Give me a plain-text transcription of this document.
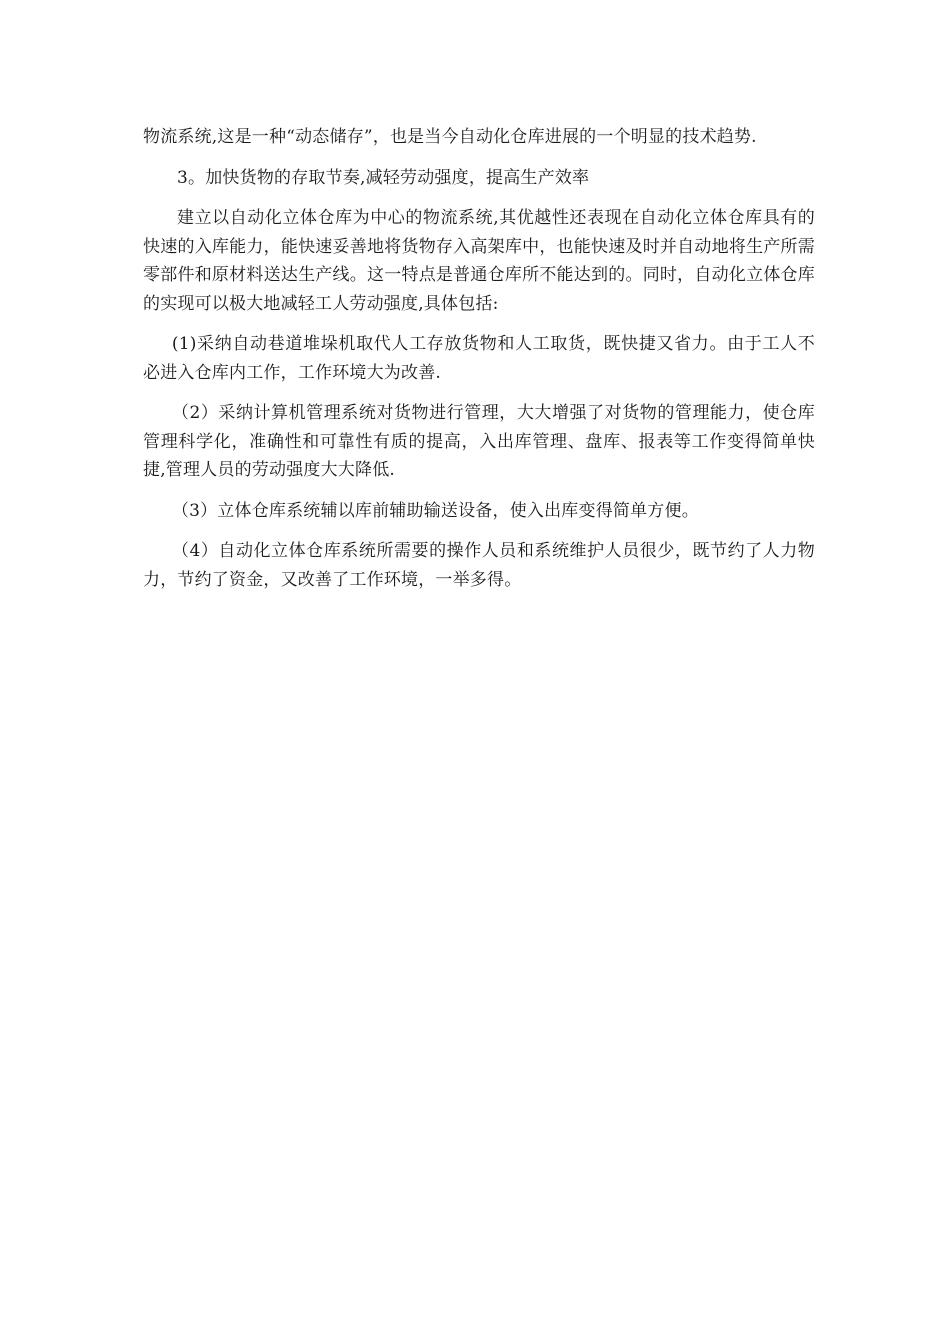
物流系统,这是一种“动态储存”，也是当今自动化仓库进展的一个明显的技术趋势.

3。加快货物的存取节奏,减轻劳动强度，提高生产效率

建立以自动化立体仓库为中心的物流系统,其优越性还表现在自动化立体仓库具有的快速的入库能力，能快速妥善地将货物存入高架库中，也能快速及时并自动地将生产所需零部件和原材料送达生产线。这一特点是普通仓库所不能达到的。同时，自动化立体仓库的实现可以极大地减轻工人劳动强度,具体包括:

(1)采纳自动巷道堆垛机取代人工存放货物和人工取货，既快捷又省力。由于工人不必进入仓库内工作，工作环境大为改善.

（2）采纳计算机管理系统对货物进行管理，大大增强了对货物的管理能力，使仓库管理科学化，准确性和可靠性有质的提高，入出库管理、盘库、报表等工作变得简单快捷,管理人员的劳动强度大大降低.

（3）立体仓库系统辅以库前辅助输送设备，使入出库变得简单方便。

（4）自动化立体仓库系统所需要的操作人员和系统维护人员很少，既节约了人力物力，节约了资金，又改善了工作环境，一举多得。
